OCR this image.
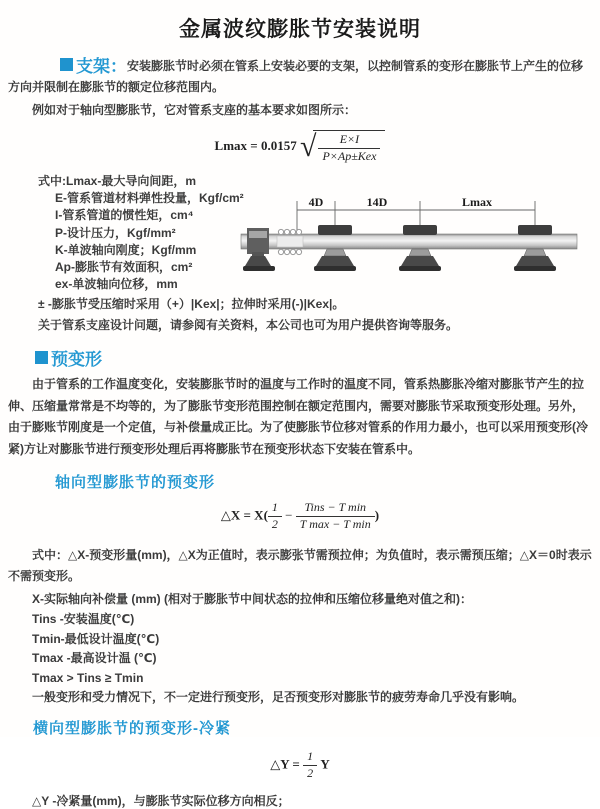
金属波纹膨胀节安装说明
支架：安装膨胀节时必须在管系上安装必要的支架，以控制管系的变形在膨胀节上产生的位移方向并限制在膨胀节的额定位移范围内。
例如对于轴向型膨胀节，它对管系支座的基本要求如图所示：
Lmax = 0.0157 √ $\frac{E\times I}{\text{P×Ap±Kex}}$
式中:Lmax-最大导向间距，m
E-管系管道材料弹性投量，Kgf/cm²
I-管系管道的惯性矩，cm⁴
P-设计压力，Kgf/mm²
K-单波轴向刚度；Kgf/mm
Ap-膨胀节有效面积，cm²
ex-单波轴向位移，mm
± -膨胀节受压缩时采用（+）|Kex|；拉伸时采用(-)|Kex|。
关于管系支座设计问题，请参阅有关资料，本公司也可为用户提供咨询等服务。
4D	14D	Lmax
预变形
由于管系的工作温度变化，安装膨胀节时的温度与工作时的温度不同，管系热膨胀冷缩对膨胀节产生的拉伸、压缩量常常是不均等的，为了膨胀节变形范围控制在额定范围内，需要对膨胀节采取预变形处理。另外，由于膨账节刚度是一个定值，与补偿量成正比。为了使膨胀节位移对管系的作用力最小，也可以采用预变形(冷紧)方让对膨胀节进行预变形处理后再将膨胀节在预变形状态下安装在管系中。
轴向型膨胀节的预变形
△X = $X( \frac{1}{2} - \frac{\text{Tins − T min}}{\text{T max − T min}}$ )
式中：△X-预变形量(mm)，△X为正值时，表示膨张节需预拉伸；为负值时，表示需预压缩；△X＝0时表示不需预变形。
X-实际轴向补偿量 (mm) (相对于膨胀节中间状态的拉伸和压缩位移量绝对值之和)：
Tins -安装温度(℃)
Tmin-最低设计温度(℃)
Tmax -最高设计温 (℃)
Tmax > Tins ≥ Tmin
一般变形和受力情况下，不一定进行预变形，足否预变形对膨胀节的疲劳寿命几乎没有影响。
横向型膨胀节的预变形-冷紧
△Y = $\frac{1}{2}$ Y
△Y -冷紧量(mm)，与膨胀节实际位移方向相反；
